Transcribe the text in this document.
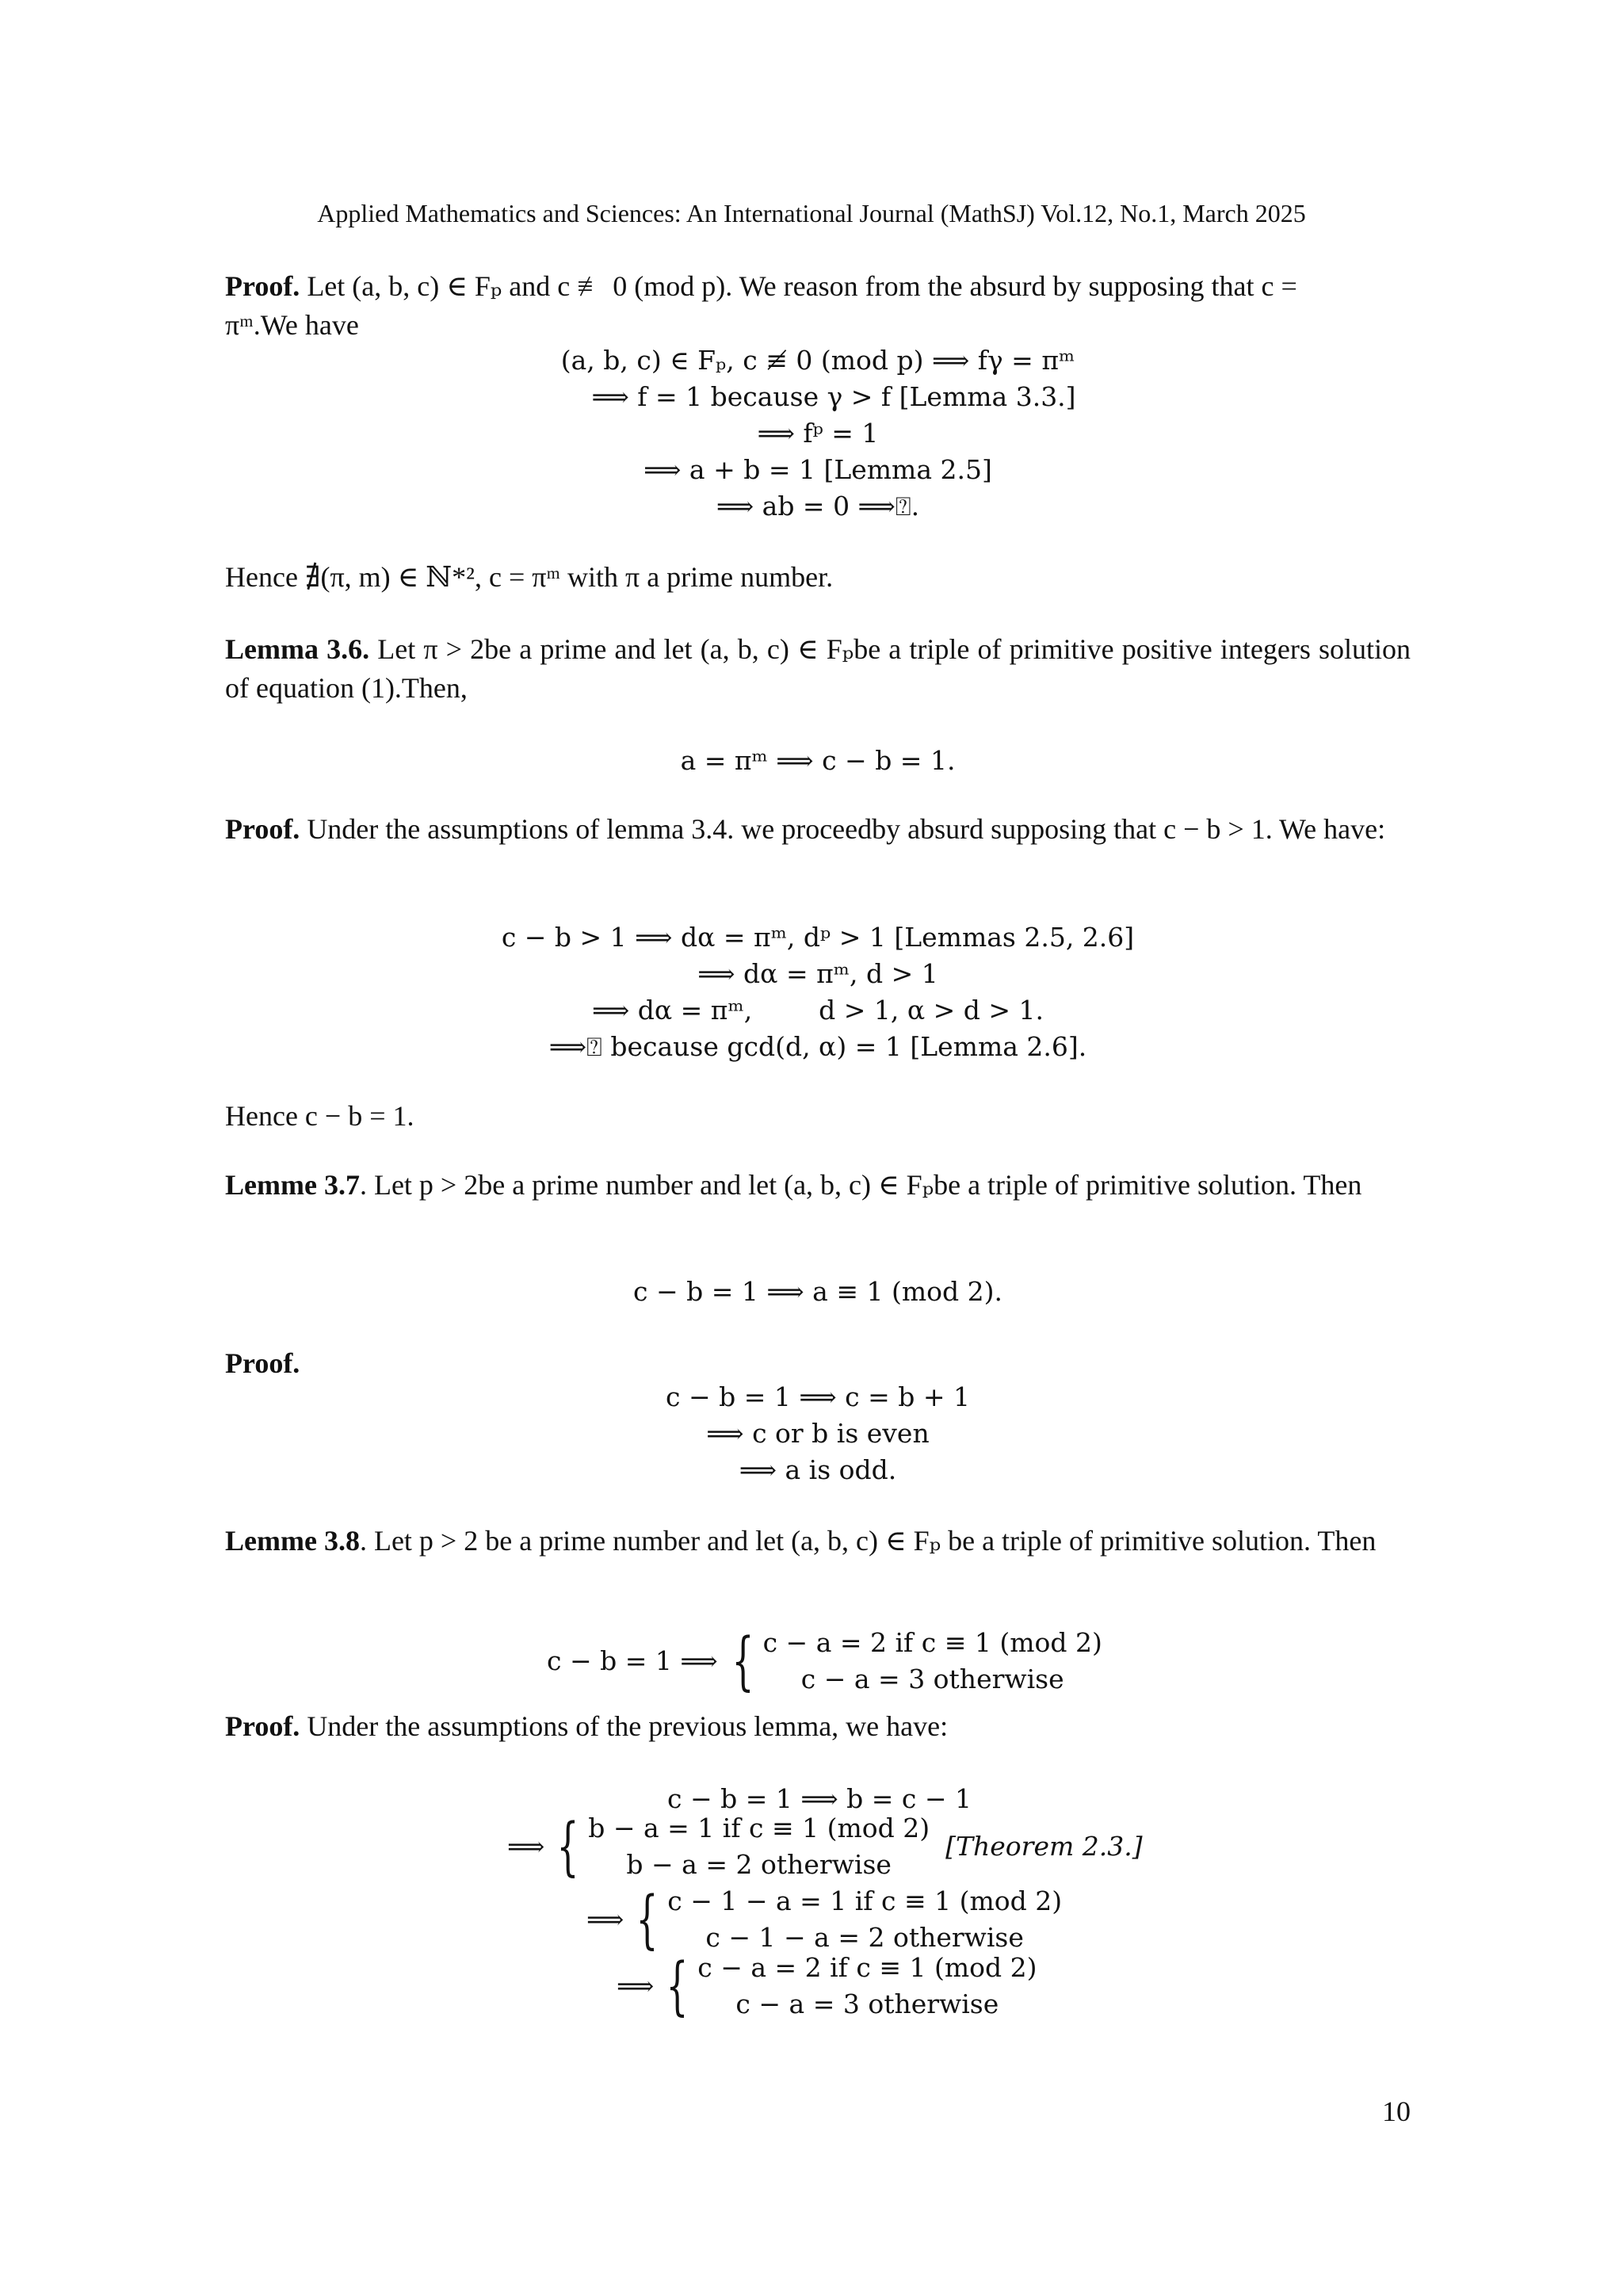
Applied Mathematics and Sciences: An International Journal (MathSJ) Vol.12, No.1, March 2025
Proof. Let (a, b, c) ∈ Fₚ and c ≢ 0 (mod p). We reason from the absurd by supposing that c =
πᵐ.We have
(a, b, c) ∈ Fₚ, c ≢ 0 (mod p) ⟹ fγ = πᵐ
⟹ f = 1 because γ > f [Lemma 3.3.]
⟹ fᵖ = 1
⟹ a + b = 1 [Lemma 2.5]
⟹ ab = 0 ⟹⍰.
Hence ∄(π, m) ∈ ℕ*², c = πᵐ with π a prime number.
Lemma 3.6. Let π > 2be a prime and let (a, b, c) ∈ Fₚbe a triple of primitive positive integers solution of equation (1).Then,
a = πᵐ ⟹ c − b = 1.
Proof. Under the assumptions of lemma 3.4. we proceedby absurd supposing that c − b > 1. We have:
c − b > 1 ⟹ dα = πᵐ, dᵖ > 1 [Lemmas 2.5, 2.6]
⟹ dα = πᵐ, d > 1
⟹ dα = πᵐ,        d > 1, α > d > 1.
⟹⍰ because gcd(d, α) = 1 [Lemma 2.6].
Hence c − b = 1.
Lemme 3.7. Let p > 2be a prime number and let (a, b, c) ∈ Fₚbe a triple of primitive solution. Then
c − b = 1 ⟹ a ≡ 1 (mod 2).
Proof.
c − b = 1 ⟹ c = b + 1
⟹ c or b is even
⟹ a is odd.
Lemme 3.8. Let p > 2 be a prime number and let (a, b, c) ∈ Fₚ be a triple of primitive solution. Then
c − b = 1 ⟹	{	c − a = 2 if c ≡ 1 (mod 2)
c − a = 3 otherwise
Proof. Under the assumptions of the previous lemma, we have:
c − b = 1 ⟹ b = c − 1
⟹	{	b − a = 1 if c ≡ 1 (mod 2)	[Theorem 2.3.]
b − a = 2 otherwise
⟹	{	c − 1 − a = 1 if c ≡ 1 (mod 2)
c − 1 − a = 2 otherwise
⟹	{	c − a = 2 if c ≡ 1 (mod 2)
c − a = 3 otherwise
10
